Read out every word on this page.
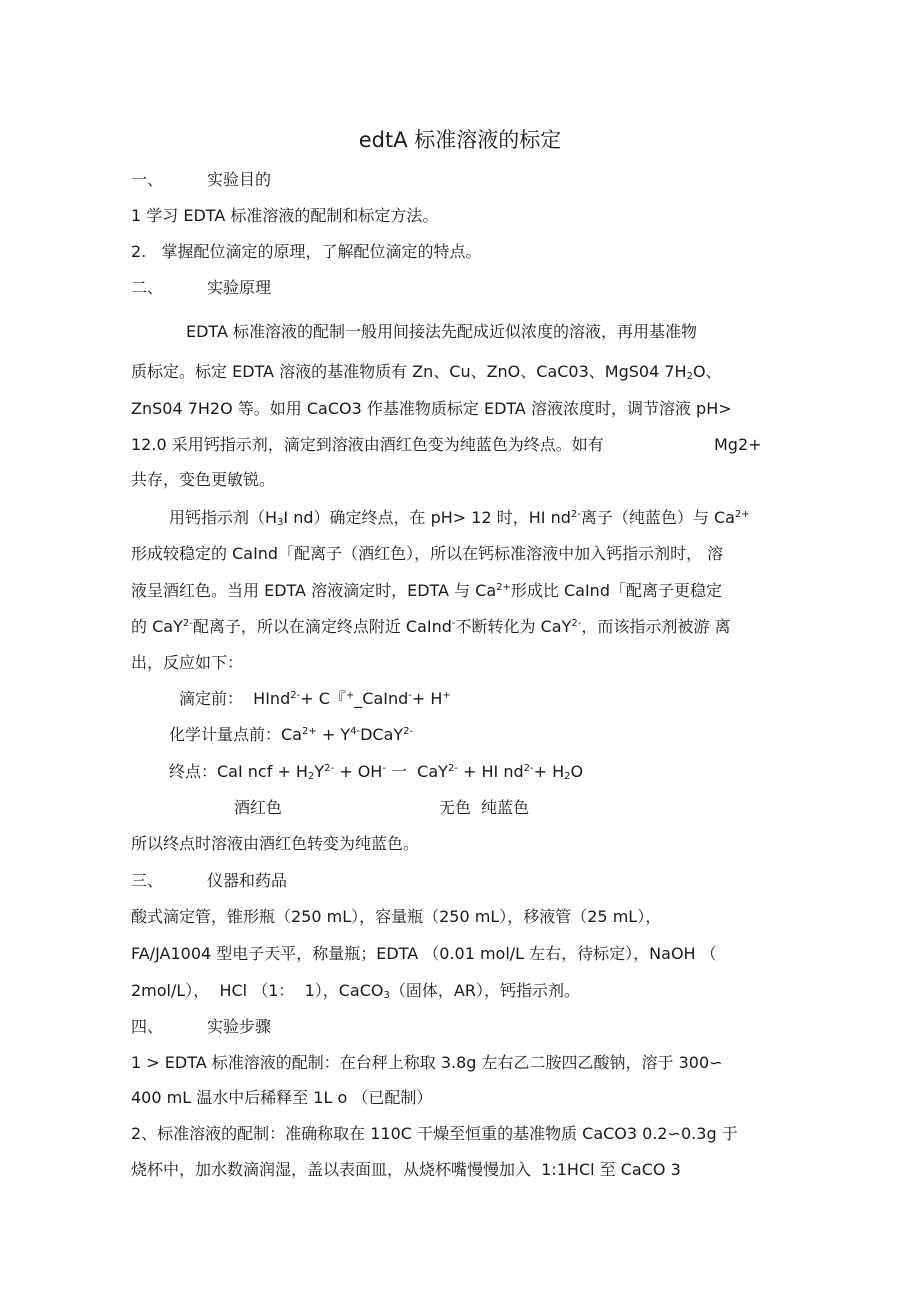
edtA 标准溶液的标定
一、	实验目的
1 学习 EDTA 标准溶液的配制和标定方法。
2.   掌握配位滴定的原理，了解配位滴定的特点。
二、	实验原理
EDTA 标准溶液的配制一般用间接法先配成近似浓度的溶液，再用基准物
质标定。标定 EDTA 溶液的基准物质有 Zn、Cu、ZnO、CaC03、MgS04 $7H_2O$、
ZnS04 7H2O 等。如用 CaCO3 作基准物质标定 EDTA 溶液浓度时，调节溶液 pH>
12.0 采用钙指示剂，滴定到溶液由酒红色变为纯蓝色为终点。如有	Mg2+
共存，变色更敏锐。
用钙指示剂（$H_3I$ nd）确定终点，在 pH> 12 时，HI $nd^{2-}$离子（纯蓝色）与 $Ca^{2+}$
形成较稳定的 CaInd「配离子（酒红色），所以在钙标准溶液中加入钙指示剂时， 溶
液呈酒红色。当用 EDTA 溶液滴定时，EDTA 与 $Ca^{2+}$形成比 CaInd「配离子更稳定
的 CaY$^{2-}$配离子，所以在滴定终点附近 CaInd-不断转化为 CaY$^{2-}$，而该指示剂被游 离
出，反应如下：
滴定前：  HInd$^{2-}$+ C『+_CaInd-+ H+
化学计量点前：$Ca^{2+}$ + $Y^{4-}DCaY^{2-}$
终点：CaI ncf + $H_2Y^{2-} + OH^-$ 一  CaY$^{2-}$ + HI $nd^{2-}+ H_2O$
酒红色	无色  纯蓝色
所以终点时溶液由酒红色转变为纯蓝色。
三、	仪器和药品
酸式滴定管，锥形瓶（250 mL），容量瓶（250 mL），移液管（25 mL），
FA/JA1004 型电子天平，称量瓶；EDTA （0.01 mol/L 左右，待标定），NaOH （
2mol/L），  HCl （1：  1），CaCO$_3$（固体，AR），钙指示剂。
四、	实验步骤
1 > EDTA 标准溶液的配制：在台秤上称取 3.8g 左右乙二胺四乙酸钠，溶于 300∽
400 mL 温水中后稀释至 1L o （已配制）
2、标准溶液的配制：准确称取在 110C 干燥至恒重的基准物质 CaCO3 0.2∽0.3g 于
烧杯中，加水数滴润湿，盖以表面皿，从烧杯嘴慢慢加入  1:1HCl 至 CaCO 3
